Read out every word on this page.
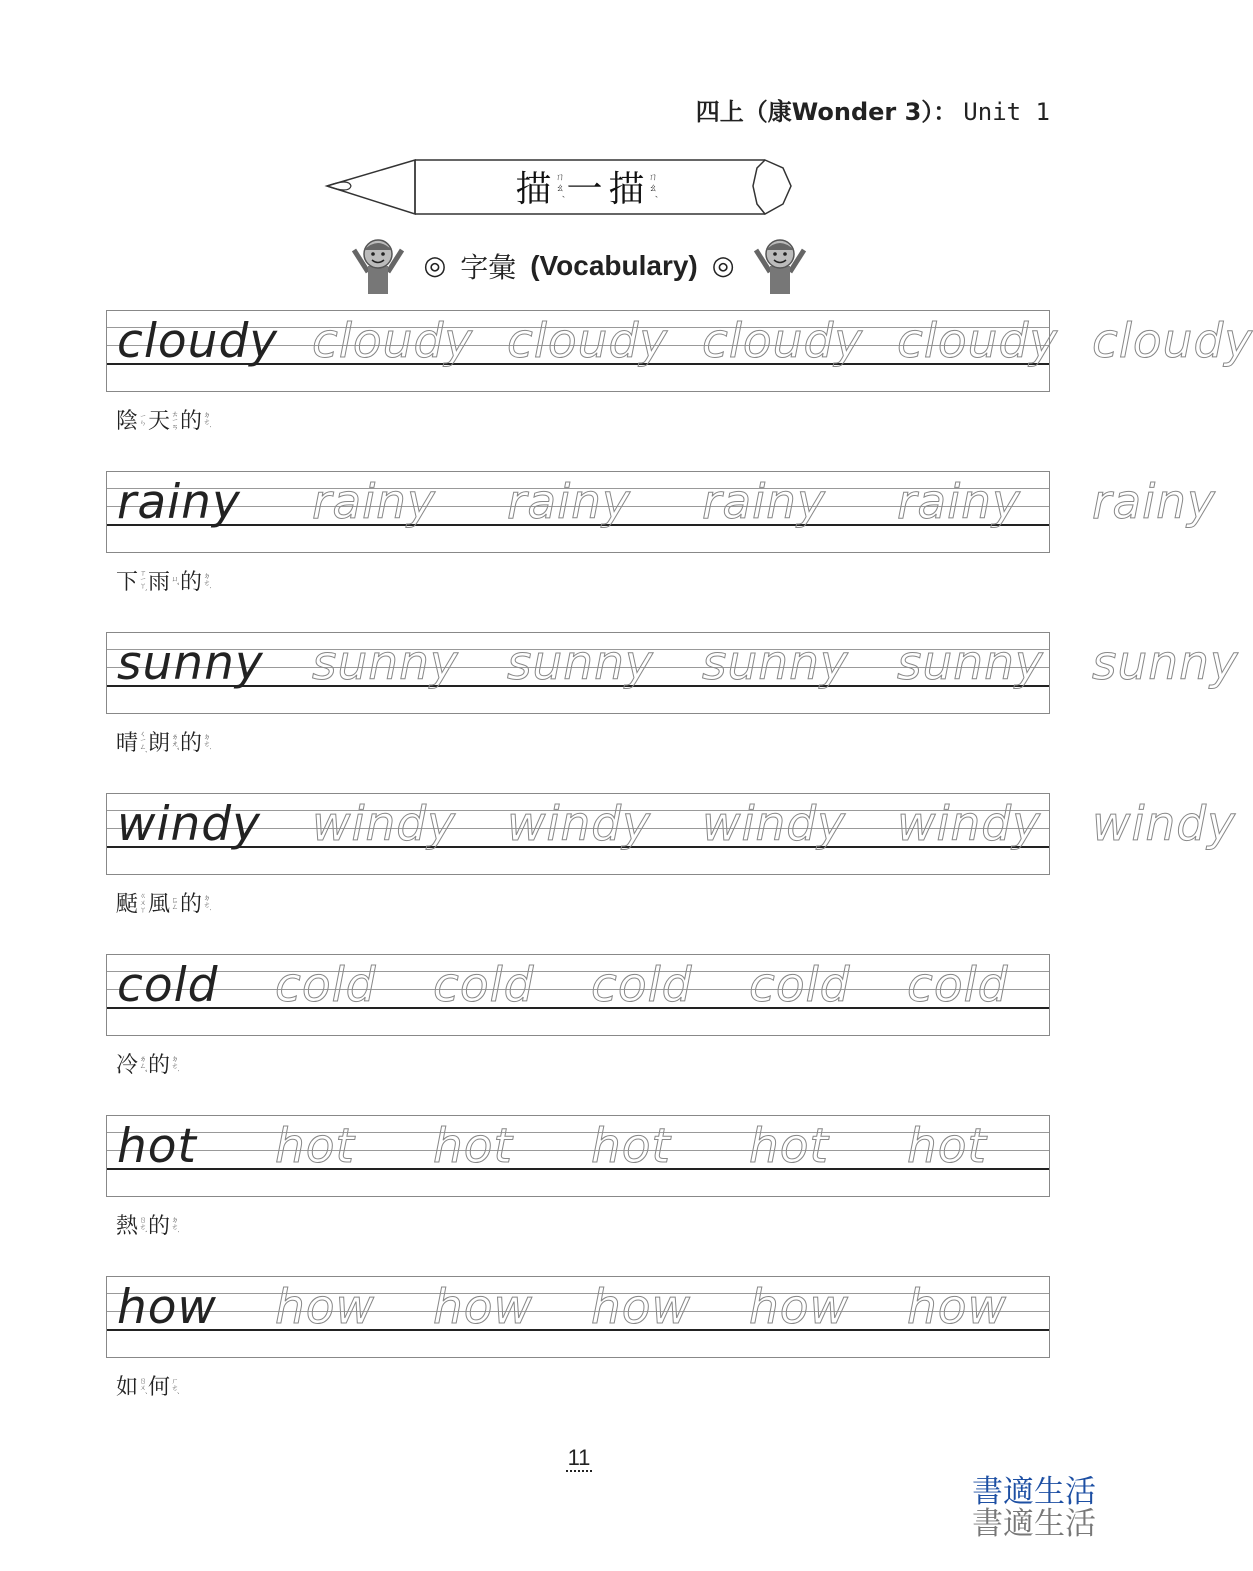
四上（康Wonder 3）： Unit 1
描 ㄇㄠˊ 一 描 ㄇㄠˊ
◎ 字彙 (Vocabulary) ◎
cloudy cloudy cloudy cloudy cloudy cloudy
陰 ㄧㄣ 天 ㄊㄧㄢ 的 ㄉㄜ˙
rainy rainy rainy rainy rainy rainy
下 ㄒㄧㄚˋ 雨 ㄩˇ 的 ㄉㄜ˙
sunny sunny sunny sunny sunny sunny
晴 ㄑㄧㄥˊ 朗 ㄌㄤˇ 的 ㄉㄜ˙
windy windy windy windy windy windy
颳 ㄍㄨㄚ 風 ㄈㄥ 的 ㄉㄜ˙
cold cold cold cold cold cold
冷 ㄌㄥˇ 的 ㄉㄜ˙
hot hot hot hot hot hot
熱 ㄖㄜˋ 的 ㄉㄜ˙
how how how how how how
如 ㄖㄨˊ 何 ㄏㄜˊ
11
書適生活
書適生活
